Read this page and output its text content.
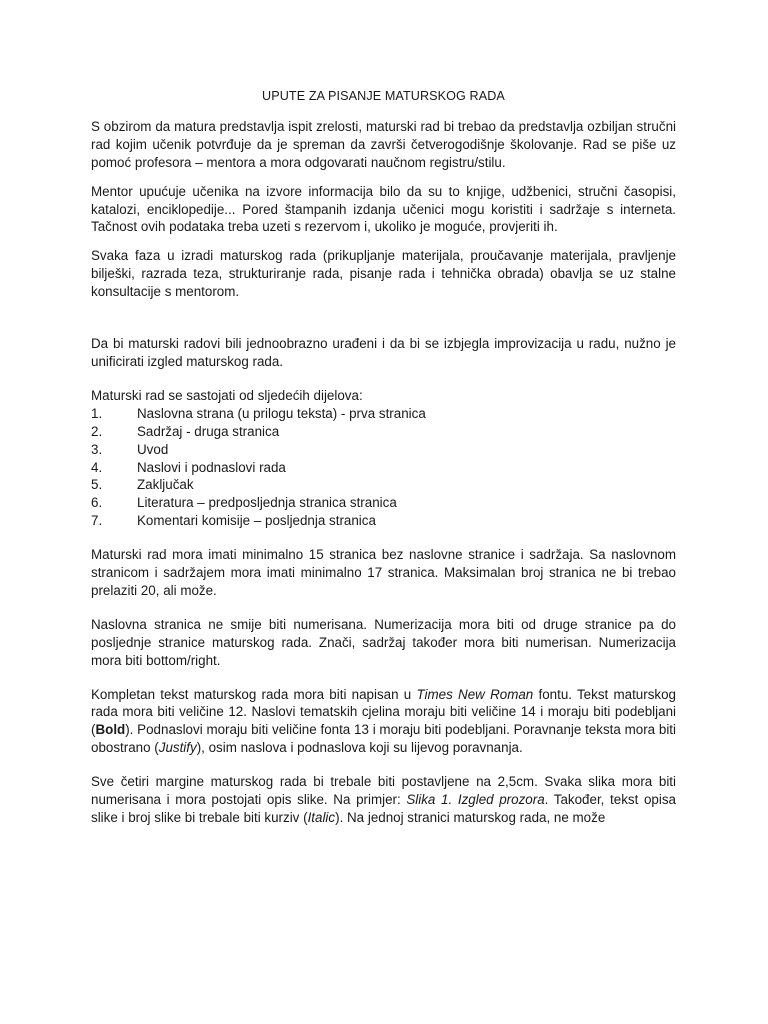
UPUTE ZA PISANJE MATURSKOG RADA

S obzirom da matura predstavlja ispit zrelosti, maturski rad bi trebao da predstavlja ozbiljan stručni rad kojim učenik potvrđuje da je spreman da završi četverogodišnje školovanje. Rad se piše uz pomoć profesora – mentora a mora odgovarati naučnom registru/stilu.

Mentor upućuje učenika na izvore informacija bilo da su to knjige, udžbenici, stručni časopisi, katalozi, enciklopedije... Pored štampanih izdanja učenici mogu koristiti i sadržaje s interneta. Tačnost ovih podataka treba uzeti s rezervom i, ukoliko je moguće, provjeriti ih.

Svaka faza u izradi maturskog rada (prikupljanje materijala, proučavanje materijala, pravljenje bilješki, razrada teza, strukturiranje rada, pisanje rada i tehnička obrada) obavlja se uz stalne konsultacije s mentorom.

Da bi maturski radovi bili jednoobrazno urađeni i da bi se izbjegla improvizacija u radu, nužno je unificirati izgled maturskog rada.

Maturski rad se sastojati od sljedećih dijelova:

1.	Naslovna strana (u prilogu teksta) - prva stranica
2.	Sadržaj - druga stranica
3.	Uvod
4.	Naslovi i podnaslovi rada
5.	Zaključak
6.	Literatura – predposljednja stranica stranica
7.	Komentari komisije – posljednja stranica

Maturski rad mora imati minimalno 15 stranica bez naslovne stranice i sadržaja. Sa naslovnom stranicom i sadržajem mora imati minimalno 17 stranica. Maksimalan broj stranica ne bi trebao prelaziti 20, ali može.

Naslovna stranica ne smije biti numerisana. Numerizacija mora biti od druge stranice pa do posljednje stranice maturskog rada. Znači, sadržaj također mora biti numerisan. Numerizacija mora biti bottom/right.

Kompletan tekst maturskog rada mora biti napisan u Times New Roman fontu. Tekst maturskog rada mora biti veličine 12. Naslovi tematskih cjelina moraju biti veličine 14 i moraju biti podebljani (Bold). Podnaslovi moraju biti veličine fonta 13 i moraju biti podebljani. Poravnanje teksta mora biti obostrano (Justify), osim naslova i podnaslova koji su lijevog poravnanja.

Sve četiri margine maturskog rada bi trebale biti postavljene na 2,5cm. Svaka slika mora biti numerisana i mora postojati opis slike. Na primjer: Slika 1. Izgled prozora. Također, tekst opisa slike i broj slike bi trebale biti kurziv (Italic). Na jednoj stranici maturskog rada, ne može
